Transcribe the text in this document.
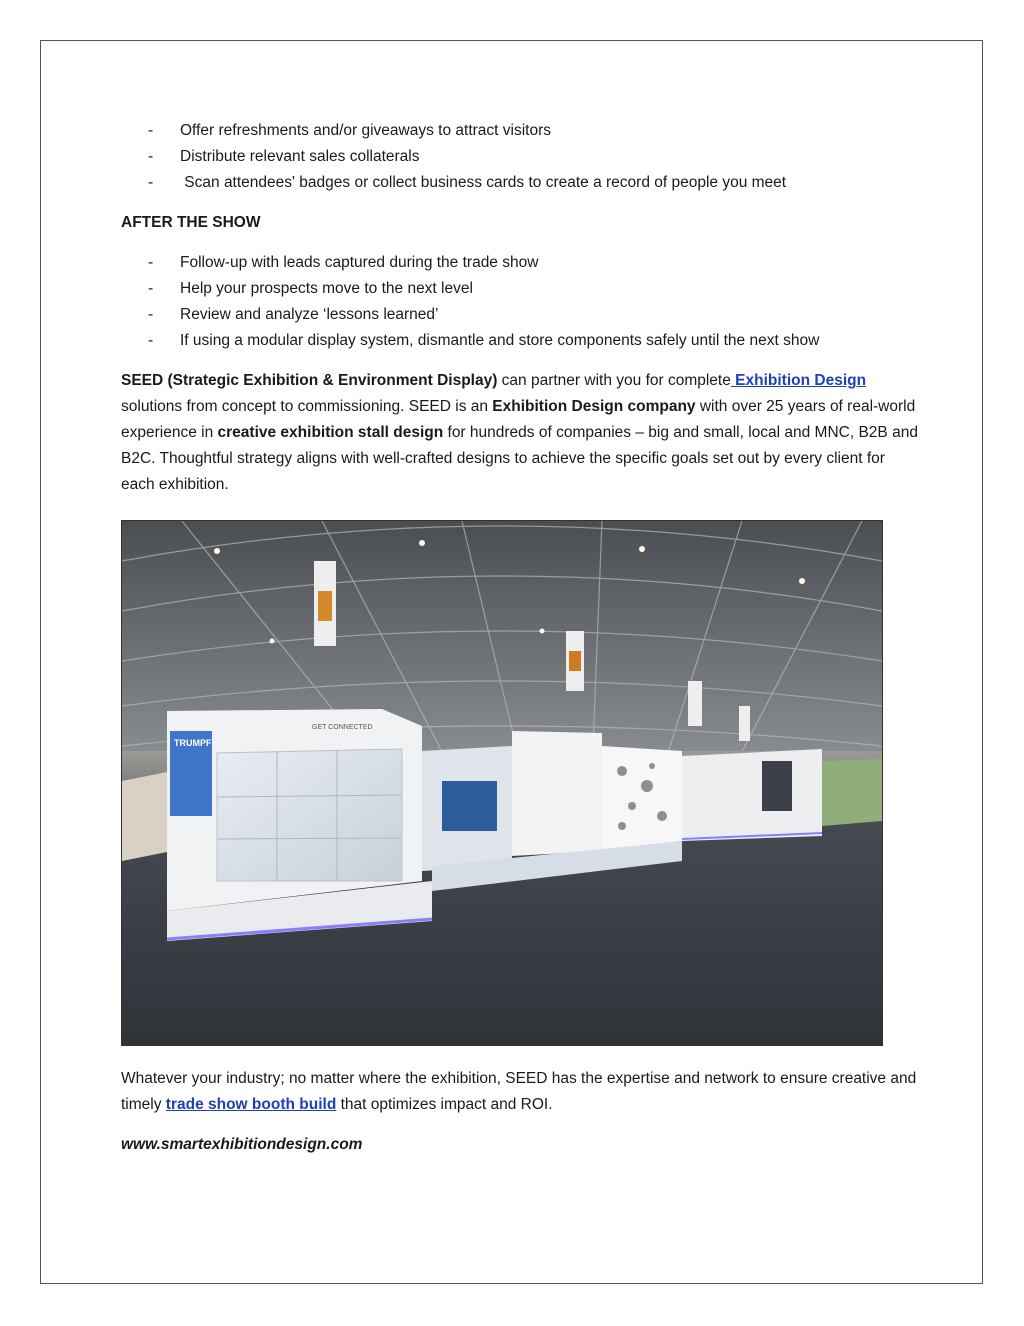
- Offer refreshments and/or giveaways to attract visitors
- Distribute relevant sales collaterals
- Scan attendees' badges or collect business cards to create a record of people you meet
AFTER THE SHOW
- Follow-up with leads captured during the trade show
- Help your prospects move to the next level
- Review and analyze ‘lessons learned’
- If using a modular display system, dismantle and store components safely until the next show

SEED (Strategic Exhibition & Environment Display) can partner with you for complete Exhibition Design solutions from concept to commissioning. SEED is an Exhibition Design company with over 25 years of real-world experience in creative exhibition stall design for hundreds of companies – big and small, local and MNC, B2B and B2C. Thoughtful strategy aligns with well-crafted designs to achieve the specific goals set out by every client for each exhibition.

TRUMPF
GET CONNECTED

Whatever your industry; no matter where the exhibition, SEED has the expertise and network to ensure creative and timely trade show booth build that optimizes impact and ROI.

www.smartexhibitiondesign.com
